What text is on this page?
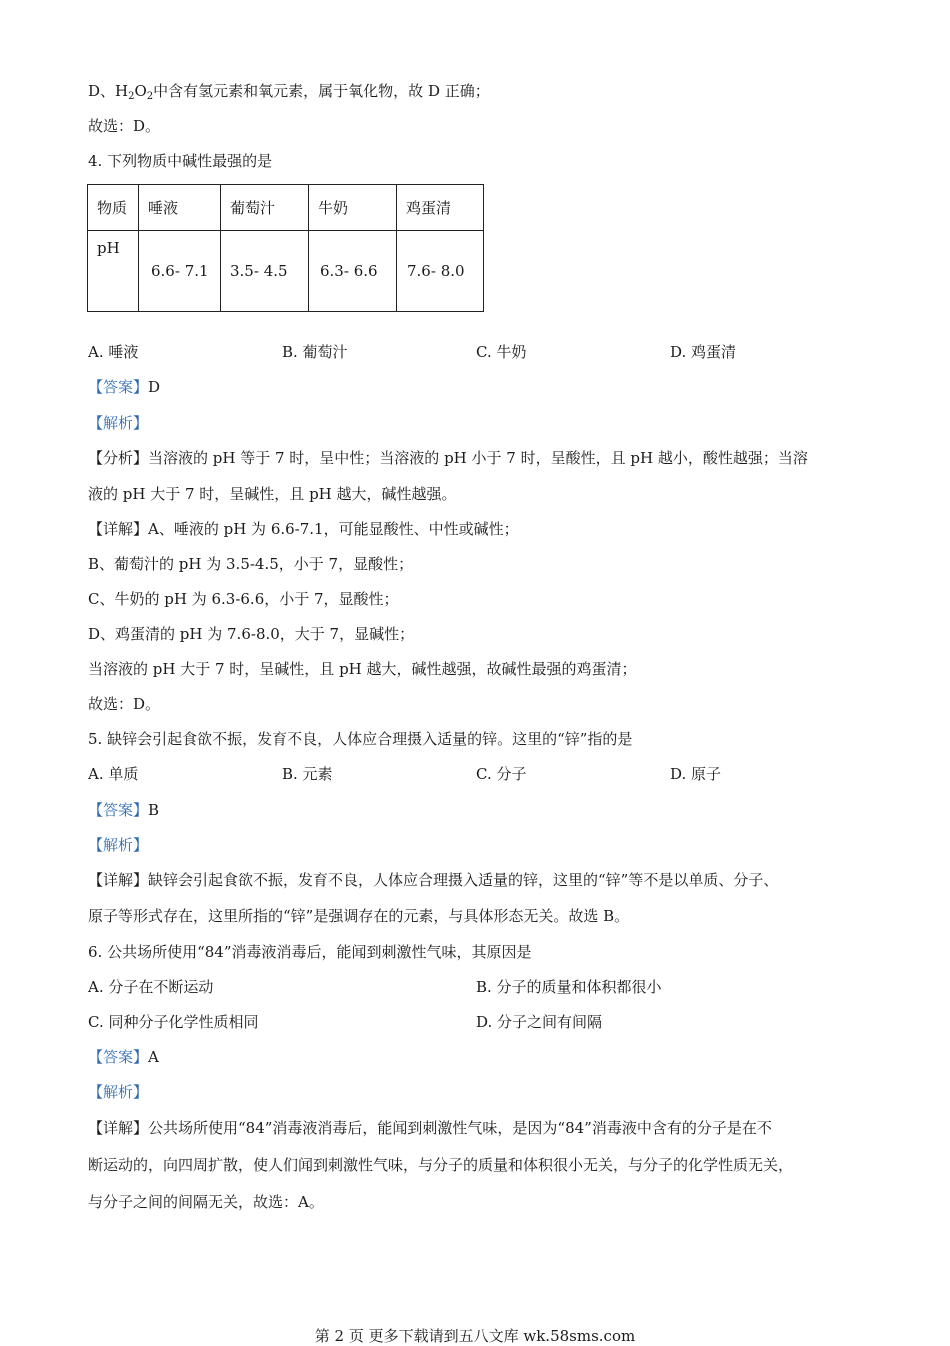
D、$H_2O_2$中含有氢元素和氧元素，属于氧化物，故 D 正确；
故选：D。
4. 下列物质中碱性最强的是
物质	唾液	葡萄汁	牛奶	鸡蛋清
pH	6.6- 7.1	3.5- 4.5	6.3- 6.6	7.6- 8.0
A. 唾液	B. 葡萄汁	C. 牛奶	D. 鸡蛋清
【答案】D
【解析】
【分析】当溶液的 pH 等于 7 时，呈中性；当溶液的 pH 小于 7 时，呈酸性，且 pH 越小，酸性越强；当溶
液的 pH 大于 7 时，呈碱性，且 pH 越大，碱性越强。
【详解】A、唾液的 pH 为 6.6-7.1，可能显酸性、中性或碱性；
B、葡萄汁的 pH 为 3.5-4.5，小于 7，显酸性；
C、牛奶的 pH 为 6.3-6.6，小于 7，显酸性；
D、鸡蛋清的 pH 为 7.6-8.0，大于 7，显碱性；
当溶液的 pH 大于 7 时，呈碱性，且 pH 越大，碱性越强，故碱性最强的鸡蛋清；
故选：D。
5. 缺锌会引起食欲不振，发育不良，人体应合理摄入适量的锌。这里的“锌”指的是
A. 单质	B. 元素	C. 分子	D. 原子
【答案】B
【解析】
【详解】缺锌会引起食欲不振，发育不良，人体应合理摄入适量的锌，这里的“锌”等不是以单质、分子、
原子等形式存在，这里所指的“锌”是强调存在的元素，与具体形态无关。故选 B。
6. 公共场所使用“84”消毒液消毒后，能闻到刺激性气味，其原因是
A. 分子在不断运动	B. 分子的质量和体积都很小
C. 同种分子化学性质相同	D. 分子之间有间隔
【答案】A
【解析】
【详解】公共场所使用“84”消毒液消毒后，能闻到刺激性气味，是因为“84”消毒液中含有的分子是在不
断运动的，向四周扩散，使人们闻到刺激性气味，与分子的质量和体积很小无关，与分子的化学性质无关，
与分子之间的间隔无关，故选：A。
第 2 页 更多下载请到五八文库 wk.58sms.com
